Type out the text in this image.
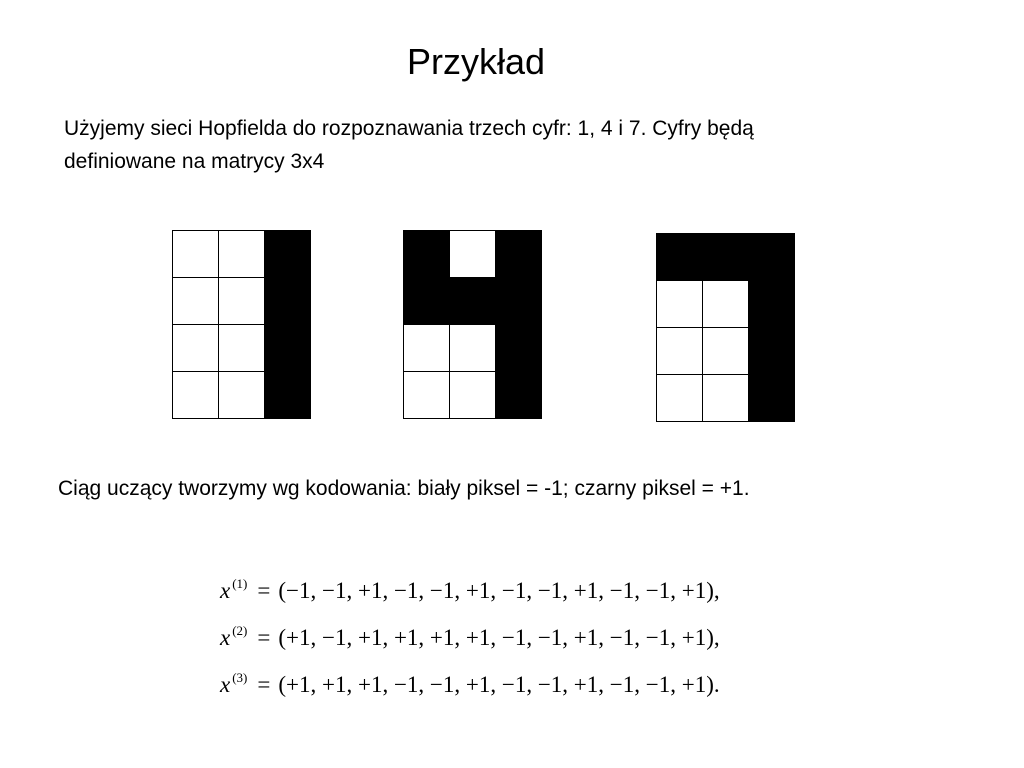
Przykład
Użyjemy sieci Hopfielda do rozpoznawania trzech cyfr: 1, 4 i 7. Cyfry będą
definiowane na matrycy 3x4
Ciąg uczący tworzymy wg kodowania: biały piksel = -1; czarny piksel = +1.
x $^{(1)}$ = (−1, −1, +1, −1, −1, +1, −1, −1, +1, −1, −1, +1),
x $^{(2)}$ = (+1, −1, +1, +1, +1, +1, −1, −1, +1, −1, −1, +1),
x $^{(3)}$ = (+1, +1, +1, −1, −1, +1, −1, −1, +1, −1, −1, +1).
